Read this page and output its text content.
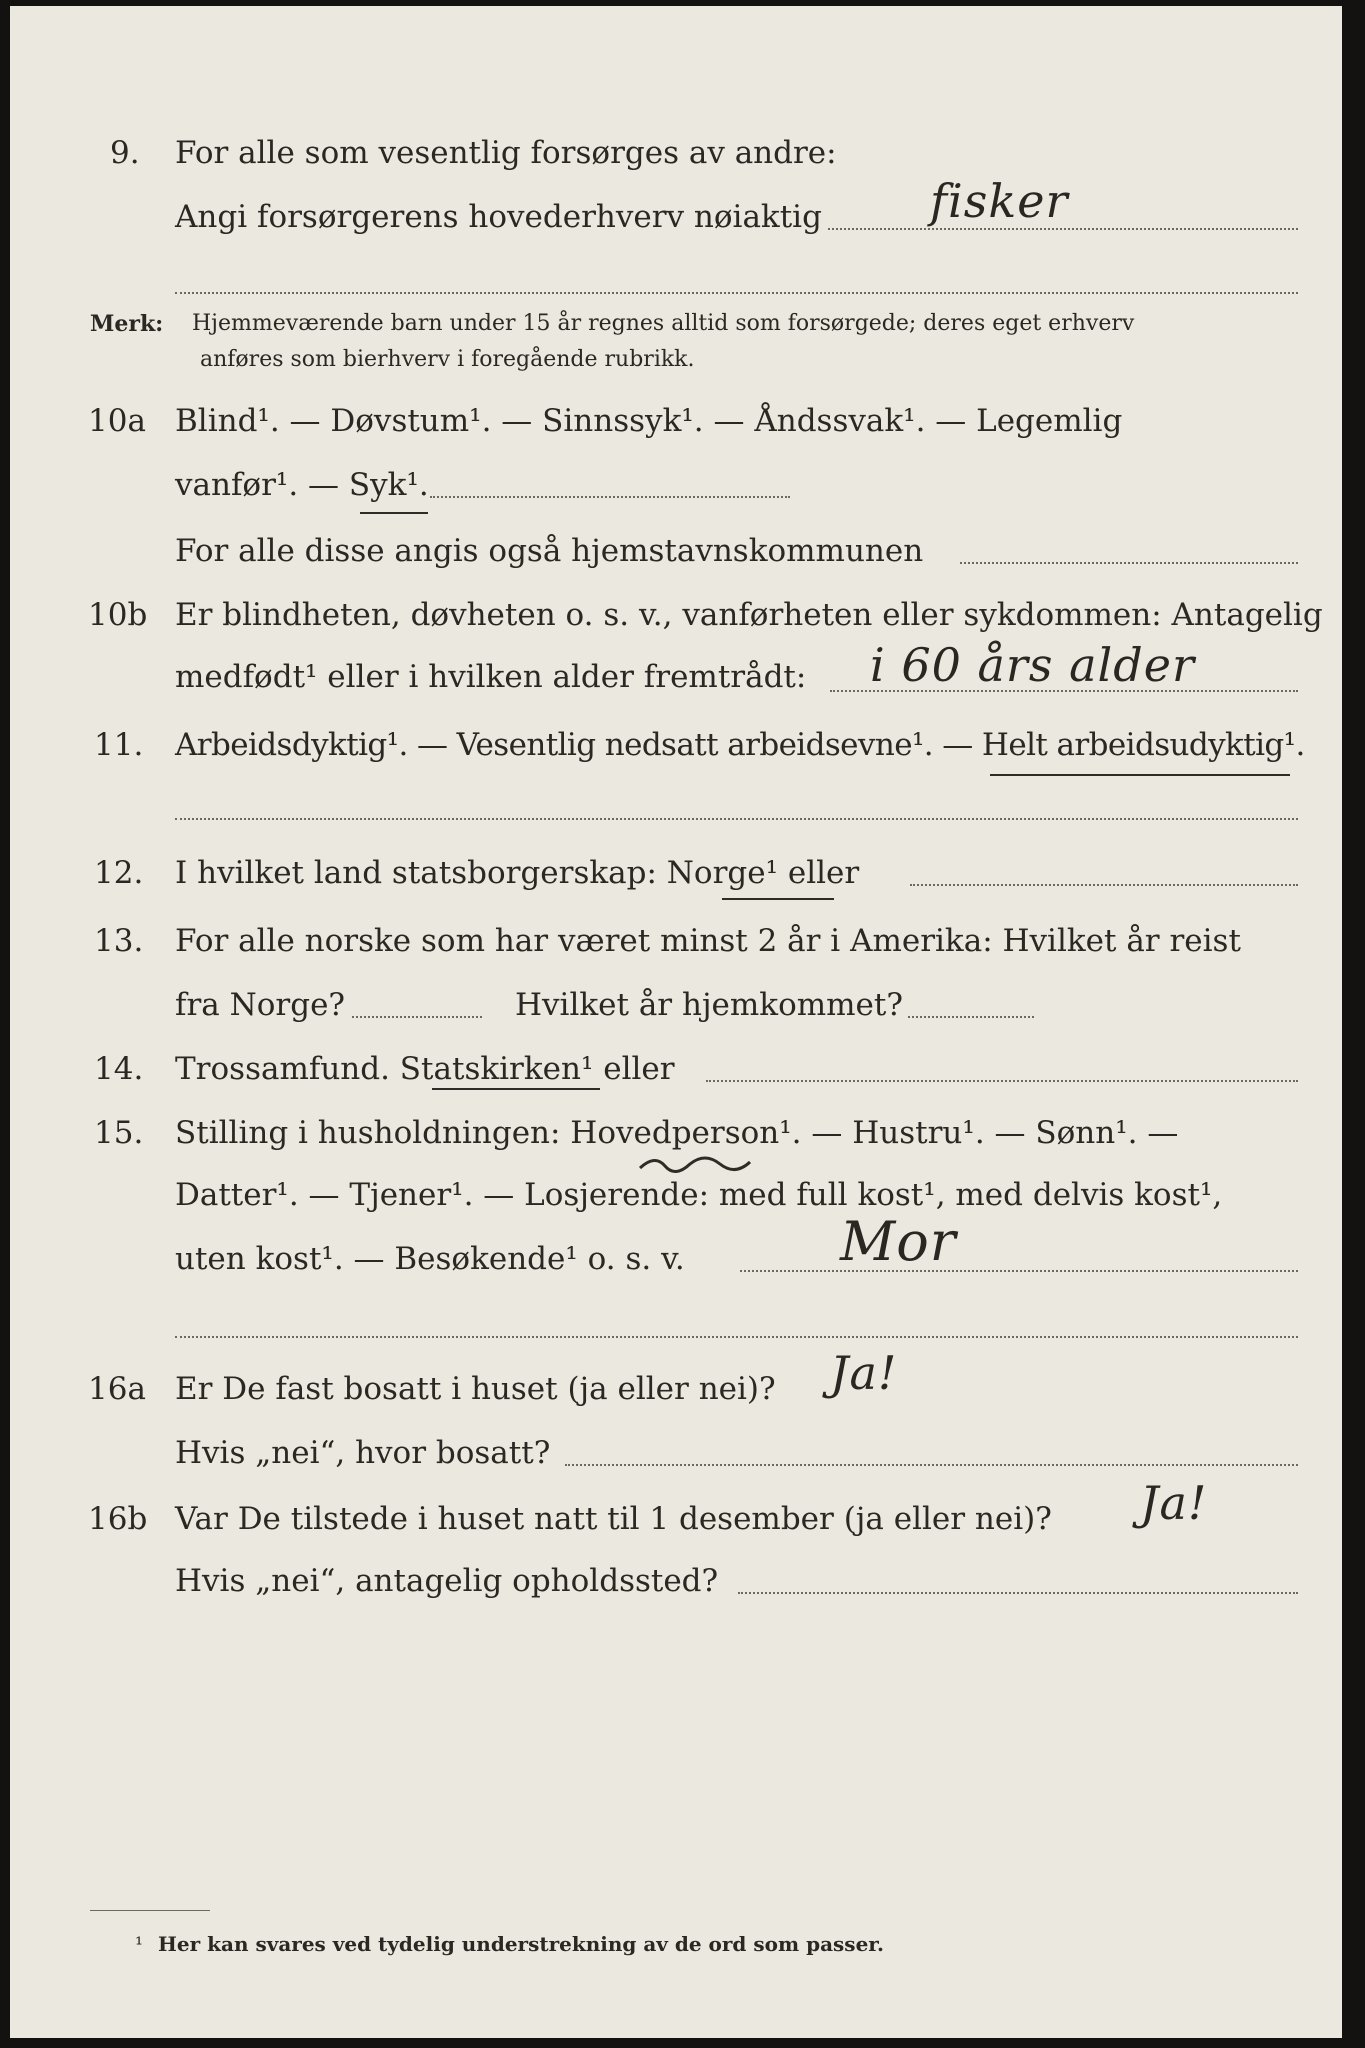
9. For alle som vesentlig forsørges av andre:
Angi forsørgerens hovederhverv nøiaktig fisker
Merk: Hjemmeværende barn under 15 år regnes alltid som forsørgede; deres eget erhverv
anføres som bierhverv i foregående rubrikk.
10a Blind¹. — Døvstum¹. — Sinnssyk¹. — Åndssvak¹. — Legemlig
vanfør¹. — Syk¹.
For alle disse angis også hjemstavnskommunen
10b Er blindheten, døvheten o. s. v., vanførheten eller sykdommen: Antagelig
medfødt¹ eller i hvilken alder fremtrådt: i 60 års alder
11. Arbeidsdyktig¹. — Vesentlig nedsatt arbeidsevne¹. — Helt arbeidsudyktig¹.
12. I hvilket land statsborgerskap: Norge¹ eller
13. For alle norske som har været minst 2 år i Amerika: Hvilket år reist
fra Norge?	Hvilket år hjemkommet?
14. Trossamfund. Statskirken¹ eller
15. Stilling i husholdningen: Hovedperson¹. — Hustru¹. — Sønn¹. —
Datter¹. — Tjener¹. — Losjerende: med full kost¹, med delvis kost¹,
uten kost¹. — Besøkende¹ o. s. v.	Mor
16a Er De fast bosatt i huset (ja eller nei)? Ja!
Hvis „nei“, hvor bosatt?
16b Var De tilstede i huset natt til 1 desember (ja eller nei)? Ja!
Hvis „nei“, antagelig opholdssted?
¹ Her kan svares ved tydelig understrekning av de ord som passer.
